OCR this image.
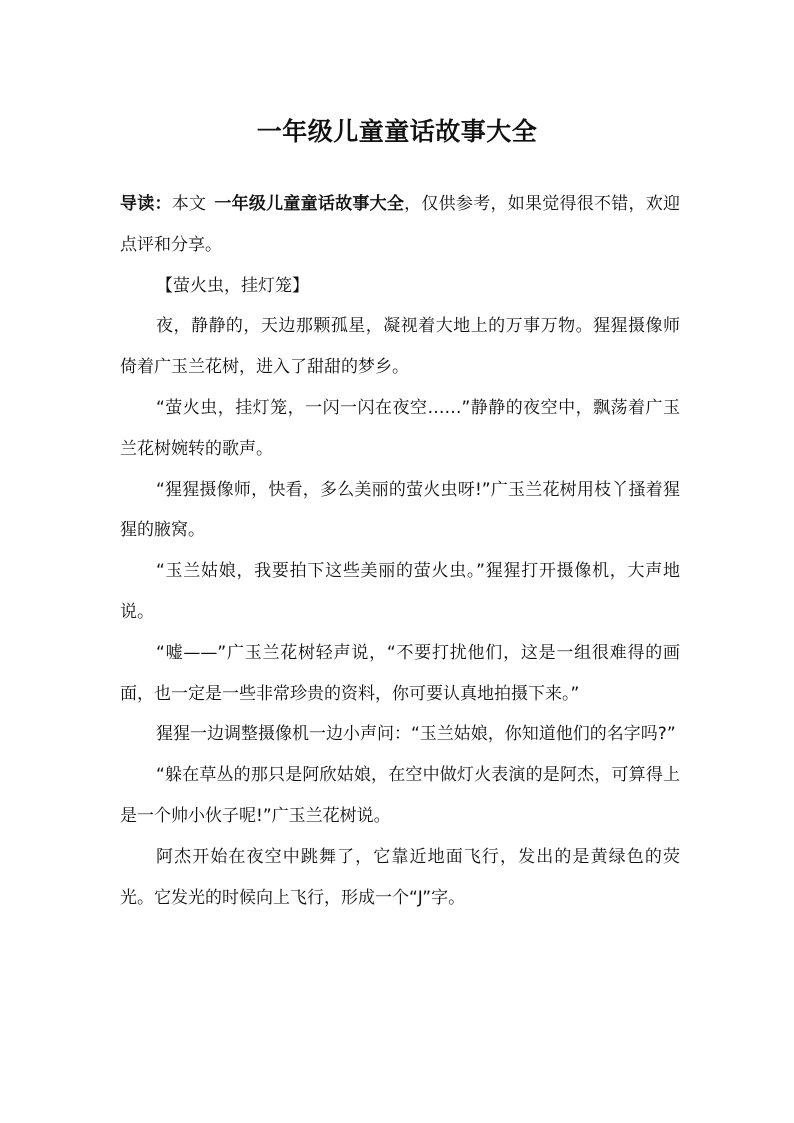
一年级儿童童话故事大全

导读：本文 一年级儿童童话故事大全，仅供参考，如果觉得很不错，欢迎点评和分享。

【萤火虫，挂灯笼】

夜，静静的，天边那颗孤星，凝视着大地上的万事万物。猩猩摄像师倚着广玉兰花树，进入了甜甜的梦乡。

“萤火虫，挂灯笼，一闪一闪在夜空……”静静的夜空中，飘荡着广玉兰花树婉转的歌声。

“猩猩摄像师，快看，多么美丽的萤火虫呀!”广玉兰花树用枝丫搔着猩猩的腋窝。

“玉兰姑娘，我要拍下这些美丽的萤火虫。”猩猩打开摄像机，大声地说。

“嘘——”广玉兰花树轻声说，“不要打扰他们，这是一组很难得的画面，也一定是一些非常珍贵的资料，你可要认真地拍摄下来。”

猩猩一边调整摄像机一边小声问：“玉兰姑娘，你知道他们的名字吗?”

“躲在草丛的那只是阿欣姑娘，在空中做灯火表演的是阿杰，可算得上是一个帅小伙子呢!”广玉兰花树说。

阿杰开始在夜空中跳舞了，它靠近地面飞行，发出的是黄绿色的荧光。它发光的时候向上飞行，形成一个“J”字。
